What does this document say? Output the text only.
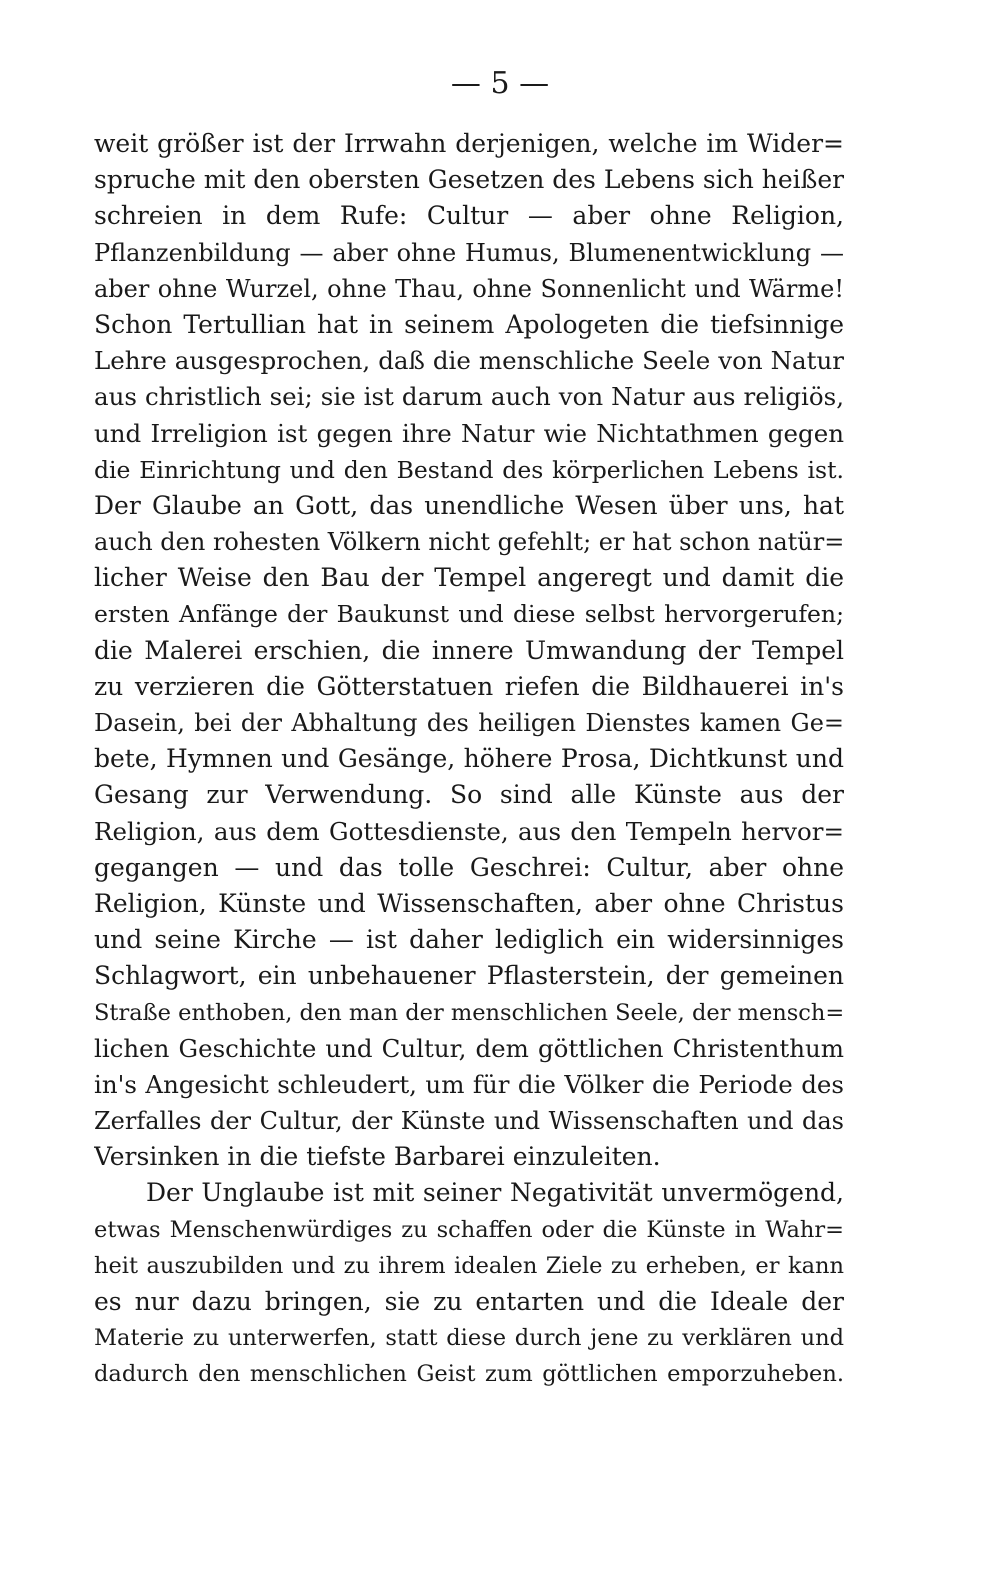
— 5 —
weit größer ist der Irrwahn derjenigen, welche im Wider=
spruche mit den obersten Gesetzen des Lebens sich heißer
schreien in dem Rufe: Cultur — aber ohne Religion,
Pflanzenbildung — aber ohne Humus, Blumenentwicklung —
aber ohne Wurzel, ohne Thau, ohne Sonnenlicht und Wärme!
Schon Tertullian hat in seinem Apologeten die tiefsinnige
Lehre ausgesprochen, daß die menschliche Seele von Natur
aus christlich sei; sie ist darum auch von Natur aus religiös,
und Irreligion ist gegen ihre Natur wie Nichtathmen gegen
die Einrichtung und den Bestand des körperlichen Lebens ist.
Der Glaube an Gott, das unendliche Wesen über uns, hat
auch den rohesten Völkern nicht gefehlt; er hat schon natür=
licher Weise den Bau der Tempel angeregt und damit die
ersten Anfänge der Baukunst und diese selbst hervorgerufen;
die Malerei erschien, die innere Umwandung der Tempel
zu verzieren die Götterstatuen riefen die Bildhauerei in's
Dasein, bei der Abhaltung des heiligen Dienstes kamen Ge=
bete, Hymnen und Gesänge, höhere Prosa, Dichtkunst und
Gesang zur Verwendung. So sind alle Künste aus der
Religion, aus dem Gottesdienste, aus den Tempeln hervor=
gegangen — und das tolle Geschrei: Cultur, aber ohne
Religion, Künste und Wissenschaften, aber ohne Christus
und seine Kirche — ist daher lediglich ein widersinniges
Schlagwort, ein unbehauener Pflasterstein, der gemeinen
Straße enthoben, den man der menschlichen Seele, der mensch=
lichen Geschichte und Cultur, dem göttlichen Christenthum
in's Angesicht schleudert, um für die Völker die Periode des
Zerfalles der Cultur, der Künste und Wissenschaften und das
Versinken in die tiefste Barbarei einzuleiten.
Der Unglaube ist mit seiner Negativität unvermögend,
etwas Menschenwürdiges zu schaffen oder die Künste in Wahr=
heit auszubilden und zu ihrem idealen Ziele zu erheben, er kann
es nur dazu bringen, sie zu entarten und die Ideale der
Materie zu unterwerfen, statt diese durch jene zu verklären und
dadurch den menschlichen Geist zum göttlichen emporzuheben.
